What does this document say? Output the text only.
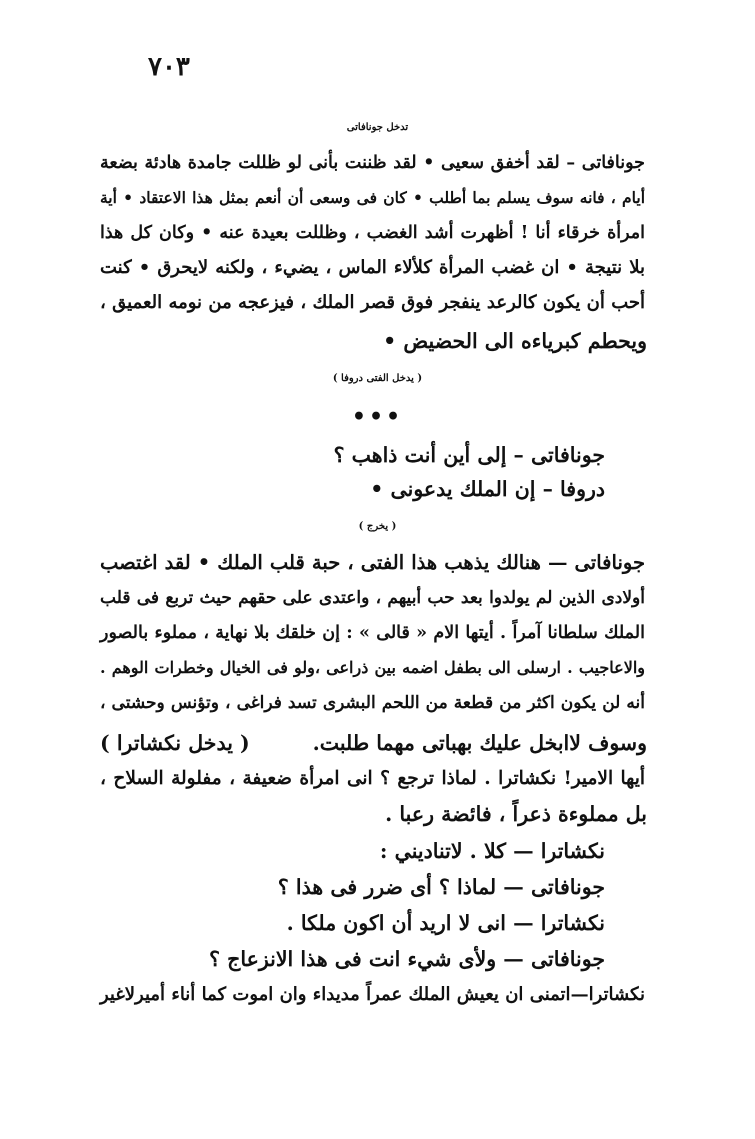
٧٠٣
تدخل جونافاتى
جونافاتى – لقد أخفق سعيى • لقد ظننت بأنى لو ظللت جامدة هادئة بضعة
أيام ، فانه سوف يسلم بما أطلب • كان فى وسعى أن أنعم بمثل هذا الاعتقاد • أية
امرأة خرقاء أنا ! أظهرت أشد الغضب ، وظللت بعيدة عنه • وكان كل هذا
بلا نتيجة • ان غضب المرأة كلألاء الماس ، يضيء ، ولكنه لايحرق • كنت
أحب أن يكون كالرعد ينفجر فوق قصر الملك ، فيزعجه من نومه العميق ،
ويحطم كبرياءه الى الحضيض •
( يدخل الفتى دروفا )
•••
جونافاتى – إلى أين أنت ذاهب ؟
دروفا – إن الملك يدعونى •
( يخرج )
جونافاتى — هنالك يذهب هذا الفتى ، حبة قلب الملك • لقد اغتصب
أولادى الذين لم يولدوا بعد حب أبيهم ، واعتدى على حقهم حيث تربع فى قلب
الملك سلطانا آمراً . أيتها الام « قالى » : إن خلقك بلا نهاية ، مملوء بالصور
والاعاجيب . ارسلى الى بطفل اضمه بين ذراعى ،ولو فى الخيال وخطرات الوهم .
أنه لن يكون اكثر من قطعة من اللحم البشرى تسد فراغى ، وتؤنس وحشتى ،
وسوف لاابخل عليك بهباتى مهما طلبت.
( يدخل نكشاترا )
أيها الامير! نكشاترا . لماذا ترجع ؟ انى امرأة ضعيفة ، مفلولة السلاح ،
بل مملوءة ذعراً ، فائضة رعبا .
نكشاترا — كلا . لاتناديني :
جونافاتى — لماذا ؟ أى ضرر فى هذا ؟
نكشاترا — انى لا اريد أن اكون ملكا .
جونافاتى — ولأى شيء انت فى هذا الانزعاج ؟
نكشاترا—اتمنى ان يعيش الملك عمراً مديداء وان اموت كما أناء أميرلاغير
